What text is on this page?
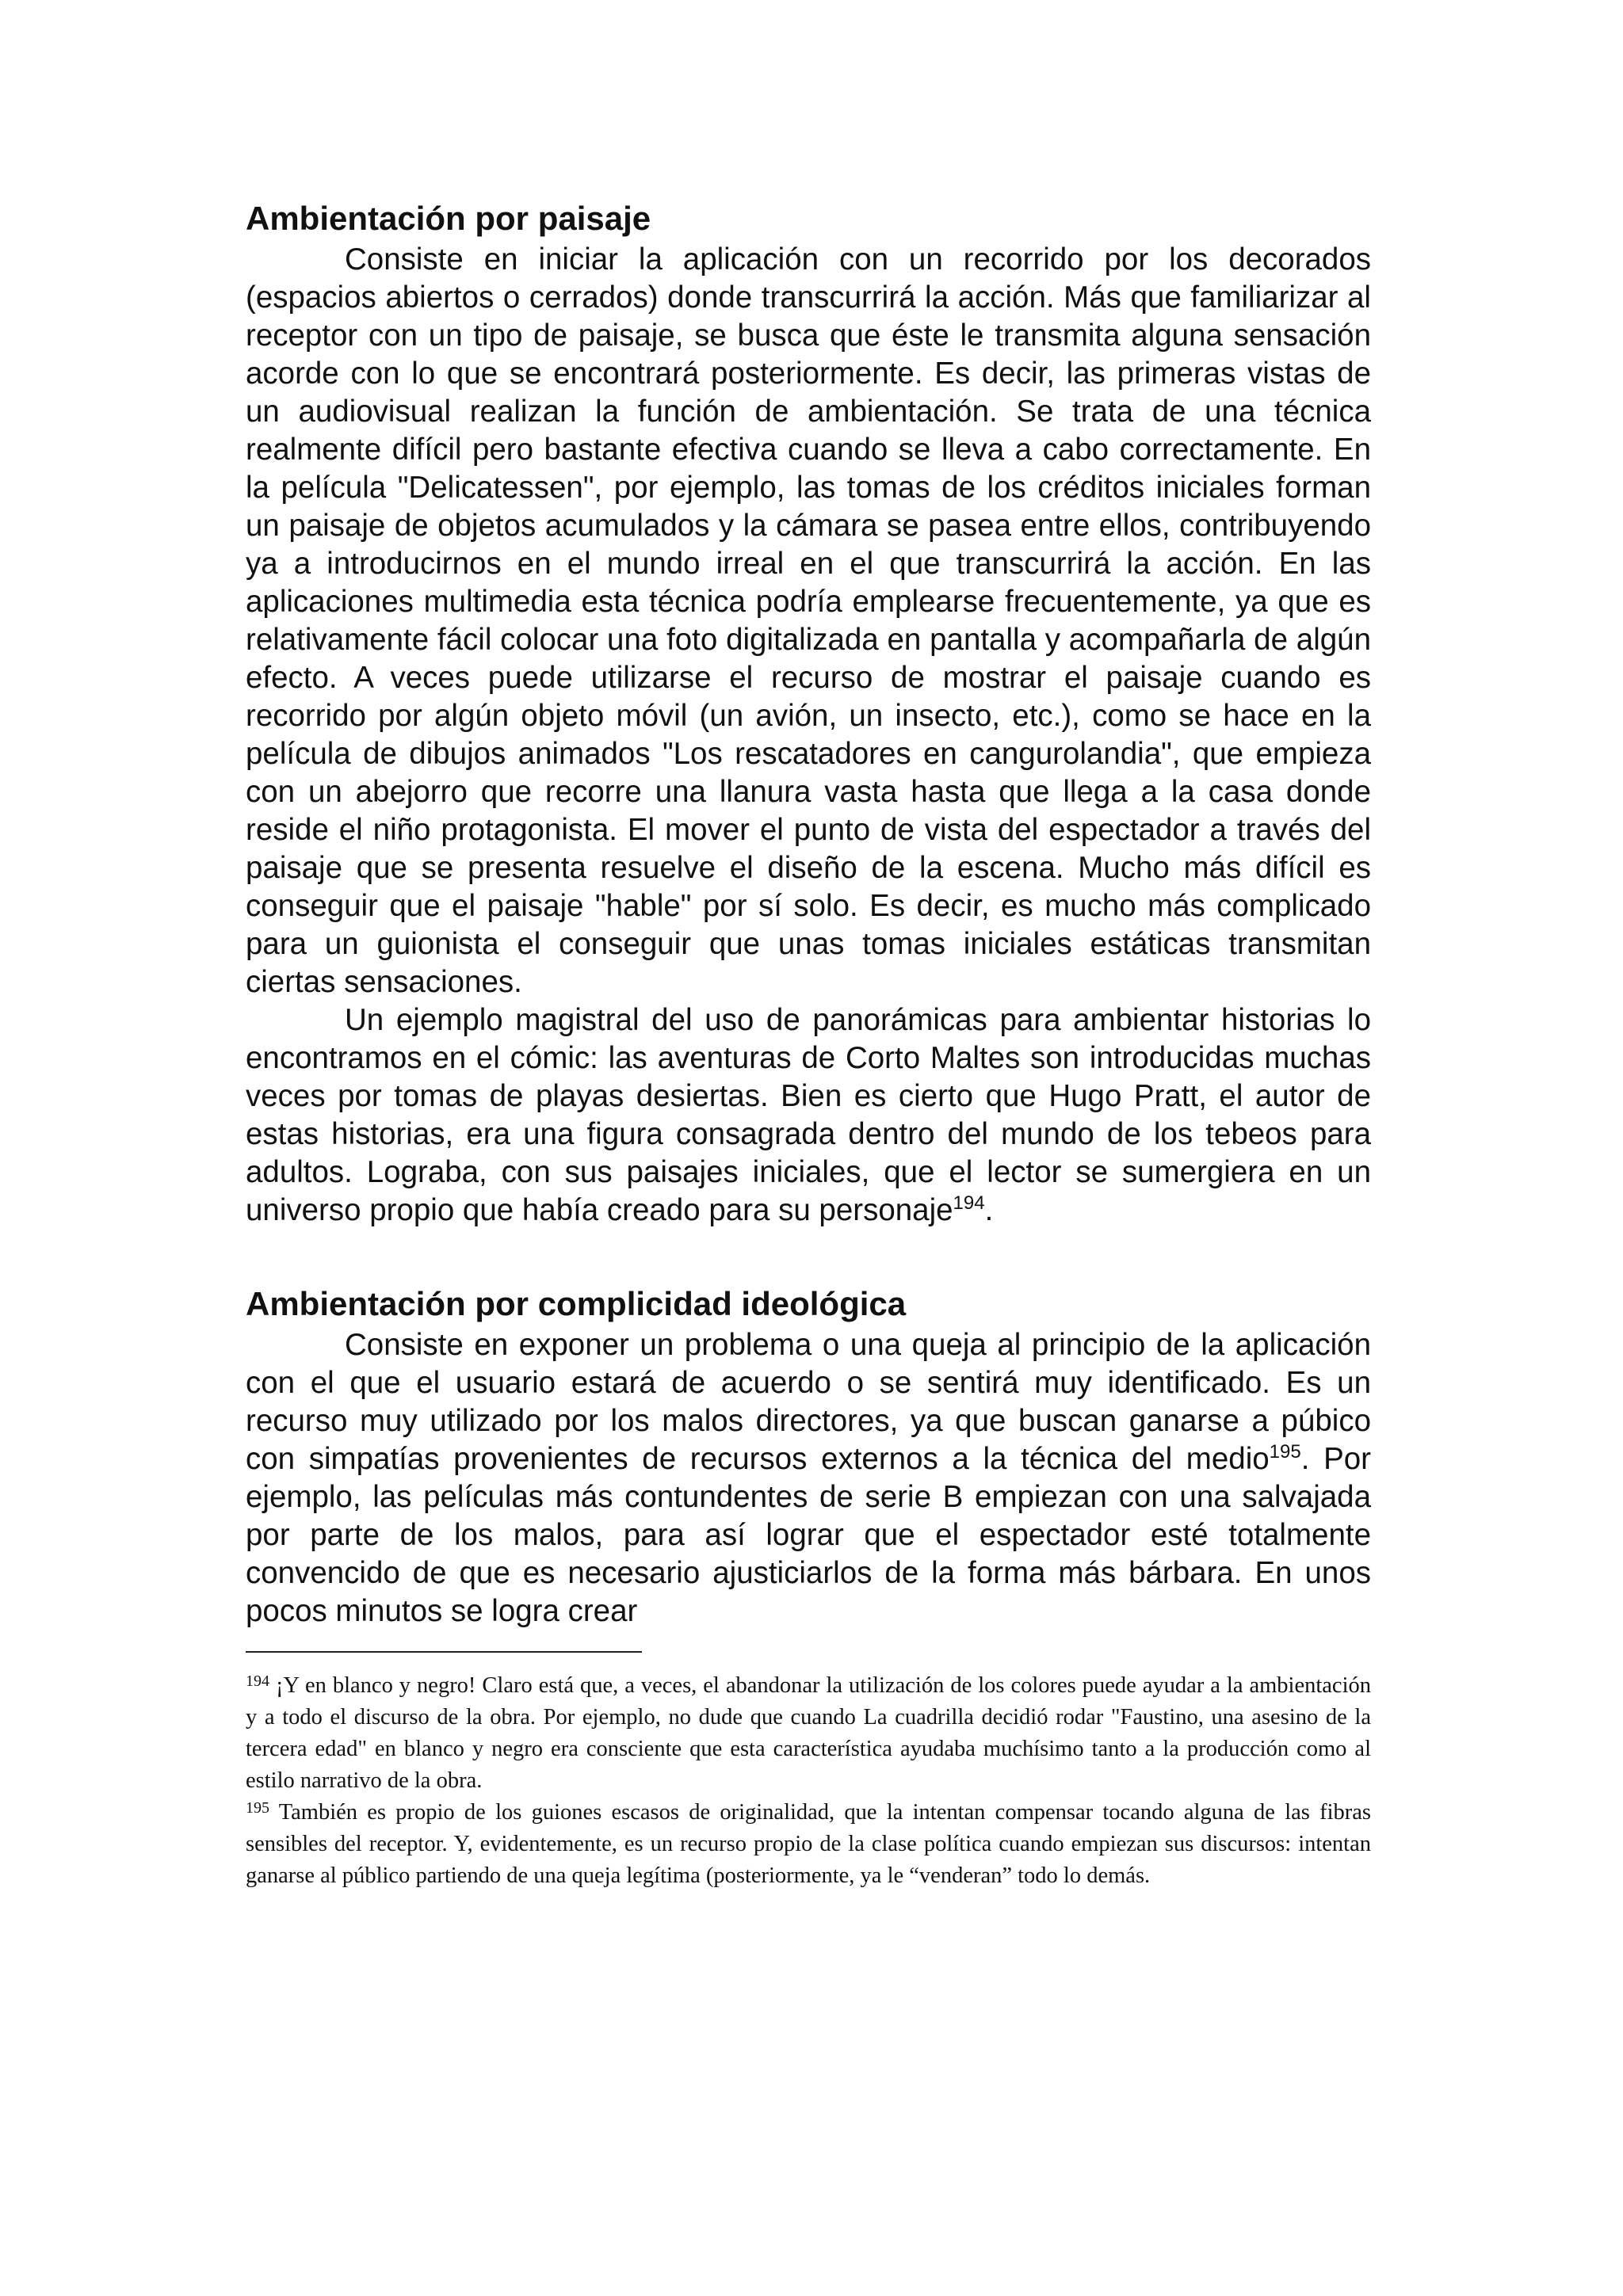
Ambientación por paisaje

Consiste en iniciar la aplicación con un recorrido por los decorados (espacios abiertos o cerrados) donde transcurrirá la acción. Más que familiarizar al receptor con un tipo de paisaje, se busca que éste le transmita alguna sensación acorde con lo que se encontrará posteriormente. Es decir, las primeras vistas de un audiovisual realizan la función de ambientación. Se trata de una técnica realmente difícil pero bastante efectiva cuando se lleva a cabo correctamente. En la película "Delicatessen", por ejemplo, las tomas de los créditos iniciales forman un paisaje de objetos acumulados y la cámara se pasea entre ellos, contribuyendo ya a introducirnos en el mundo irreal en el que transcurrirá la acción. En las aplicaciones multimedia esta técnica podría emplearse frecuentemente, ya que es relativamente fácil colocar una foto digitalizada en pantalla y acompañarla de algún efecto. A veces puede utilizarse el recurso de mostrar el paisaje cuando es recorrido por algún objeto móvil (un avión, un insecto, etc.), como se hace en la película de dibujos animados "Los rescatadores en cangurolandia", que empieza con un abejorro que recorre una llanura vasta hasta que llega a la casa donde reside el niño protagonista. El mover el punto de vista del espectador a través del paisaje que se presenta resuelve el diseño de la escena. Mucho más difícil es conseguir que el paisaje "hable" por sí solo. Es decir, es mucho más complicado para un guionista el conseguir que unas tomas iniciales estáticas transmitan ciertas sensaciones.

Un ejemplo magistral del uso de panorámicas para ambientar historias lo encontramos en el cómic: las aventuras de Corto Maltes son introducidas muchas veces por tomas de playas desiertas. Bien es cierto que Hugo Pratt, el autor de estas historias, era una figura consagrada dentro del mundo de los tebeos para adultos. Lograba, con sus paisajes iniciales, que el lector se sumergiera en un universo propio que había creado para su personaje$^{194}$.

Ambientación por complicidad ideológica

Consiste en exponer un problema o una queja al principio de la aplicación con el que el usuario estará de acuerdo o se sentirá muy identificado. Es un recurso muy utilizado por los malos directores, ya que buscan ganarse a púbico con simpatías provenientes de recursos externos a la técnica del medio$^{195}$. Por ejemplo, las películas más contundentes de serie B empiezan con una salvajada por parte de los malos, para así lograr que el espectador esté totalmente convencido de que es necesario ajusticiarlos de la forma más bárbara. En unos pocos minutos se logra crear

$^{194}$ ¡Y en blanco y negro! Claro está que, a veces, el abandonar la utilización de los colores puede ayudar a la ambientación y a todo el discurso de la obra. Por ejemplo, no dude que cuando La cuadrilla decidió rodar "Faustino, una asesino de la tercera edad" en blanco y negro era consciente que esta característica ayudaba muchísimo tanto a la producción como al estilo narrativo de la obra.

$^{195}$ También es propio de los guiones escasos de originalidad, que la intentan compensar tocando alguna de las fibras sensibles del receptor. Y, evidentemente, es un recurso propio de la clase política cuando empiezan sus discursos: intentan ganarse al público partiendo de una queja legítima (posteriormente, ya le “venderan” todo lo demás.
